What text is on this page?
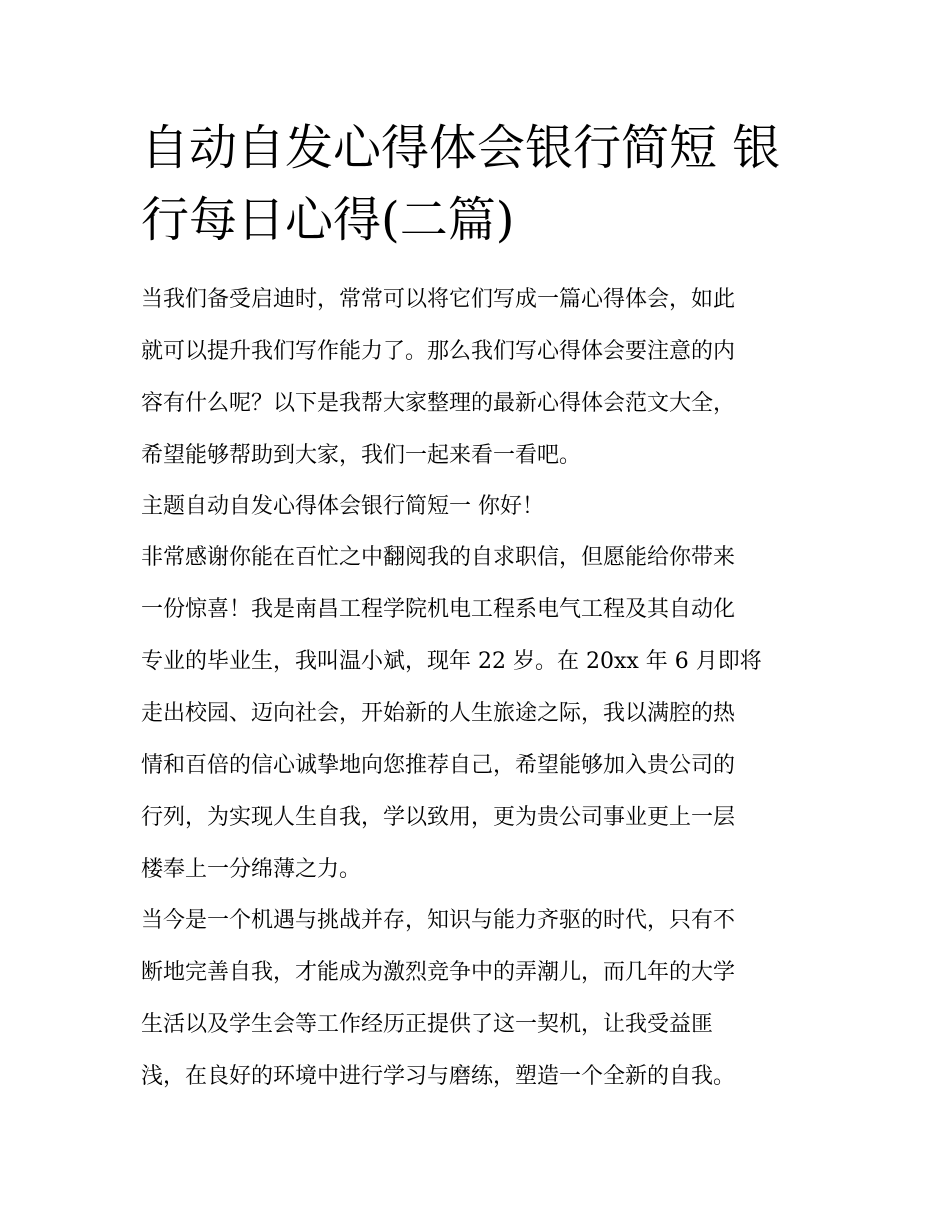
自动自发心得体会银行简短 银
行每日心得(二篇)
当我们备受启迪时，常常可以将它们写成一篇心得体会，如此
就可以提升我们写作能力了。那么我们写心得体会要注意的内
容有什么呢？以下是我帮大家整理的最新心得体会范文大全，
希望能够帮助到大家，我们一起来看一看吧。
主题自动自发心得体会银行简短一 你好！
非常感谢你能在百忙之中翻阅我的自求职信，但愿能给你带来
一份惊喜！我是南昌工程学院机电工程系电气工程及其自动化
专业的毕业生，我叫温小斌，现年 22 岁。在 20xx 年 6 月即将
走出校园、迈向社会，开始新的人生旅途之际，我以满腔的热
情和百倍的信心诚挚地向您推荐自己，希望能够加入贵公司的
行列，为实现人生自我，学以致用，更为贵公司事业更上一层
楼奉上一分绵薄之力。
当今是一个机遇与挑战并存，知识与能力齐驱的时代，只有不
断地完善自我，才能成为激烈竞争中的弄潮儿，而几年的大学
生活以及学生会等工作经历正提供了这一契机，让我受益匪
浅，在良好的环境中进行学习与磨练，塑造一个全新的自我。
